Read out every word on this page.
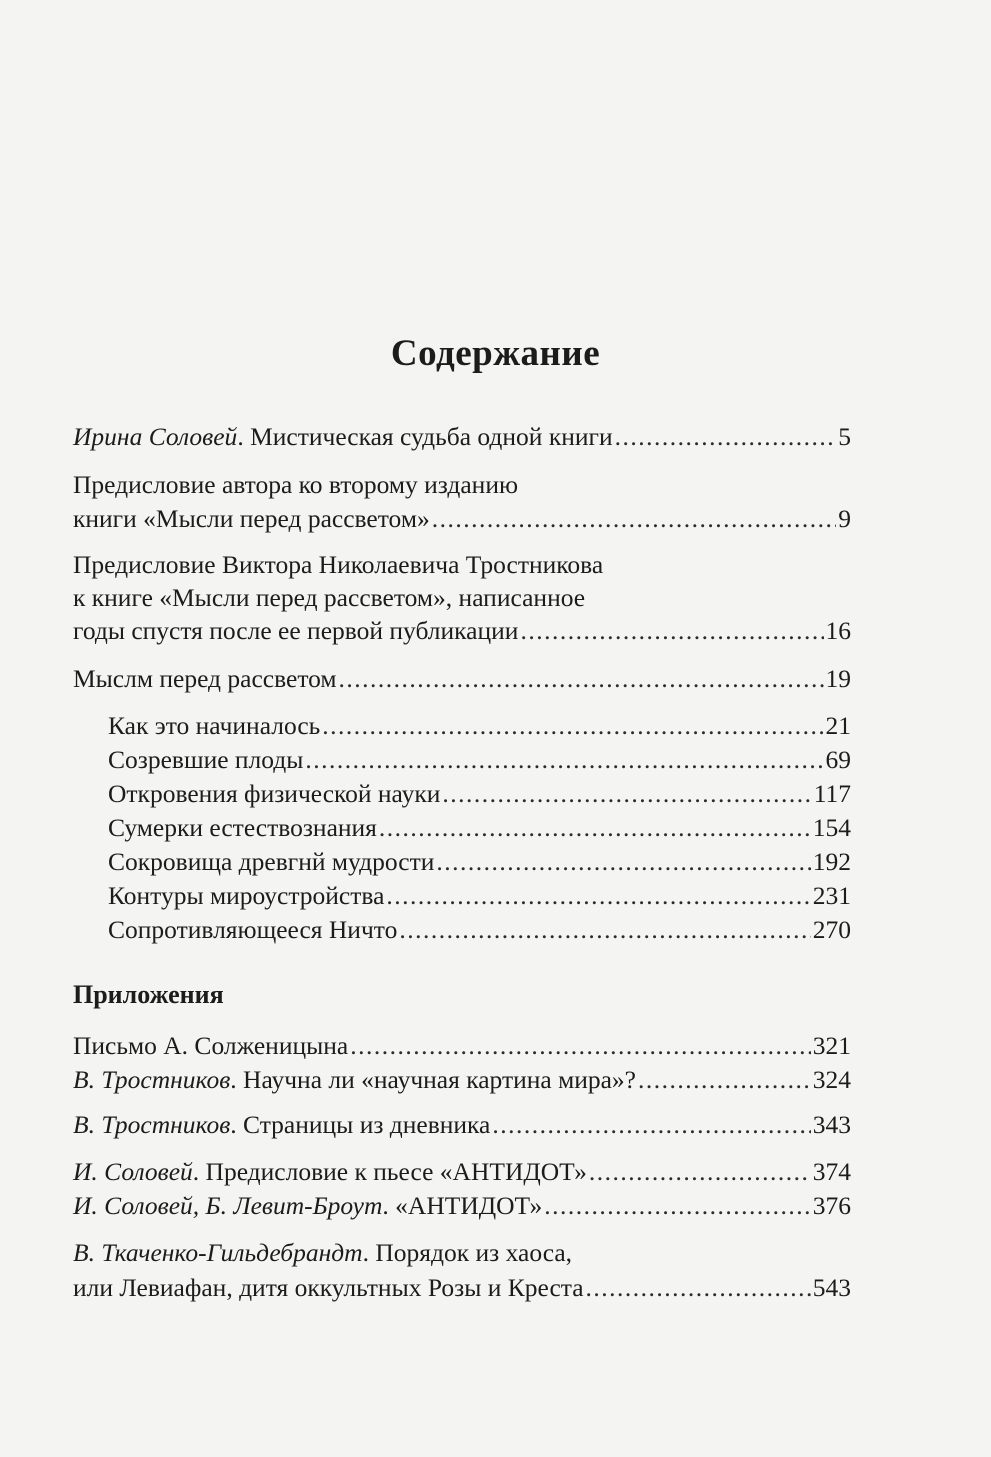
Содержание
Ирина Соловей. Мистическая судьба одной книги .....	5
Предисловие автора ко второму изданию
книги «Мысли перед рассветом» .....	9
Предисловие Виктора Николаевича Тростникова
к книге «Мысли перед рассветом», написанное
годы спустя после ее первой публикации .....	16
Мыслм перед рассветом .....	19
Как это начиналось .....	21
Созревшие плоды .....	69
Откровения физической науки .....	117
Сумерки естествознания .....	154
Сокровища древгнй мудрости .....	192
Контуры мироустройства .....	231
Сопротивляющееся Ничто .....	270
Приложения
Письмо А. Солженицына .....	321
В. Тростников. Научна ли «научная картина мира»? .....	324
В. Тростников. Страницы из дневника .....	343
И. Соловей. Предисловие к пьесе «АНТИДОТ» .....	374
И. Соловей, Б. Левит-Броут. «АНТИДОТ» .....	376
В. Ткаченко-Гильдебрандт. Порядок из хаоса,
или Левиафан, дитя оккультных Розы и Креста .....	543
